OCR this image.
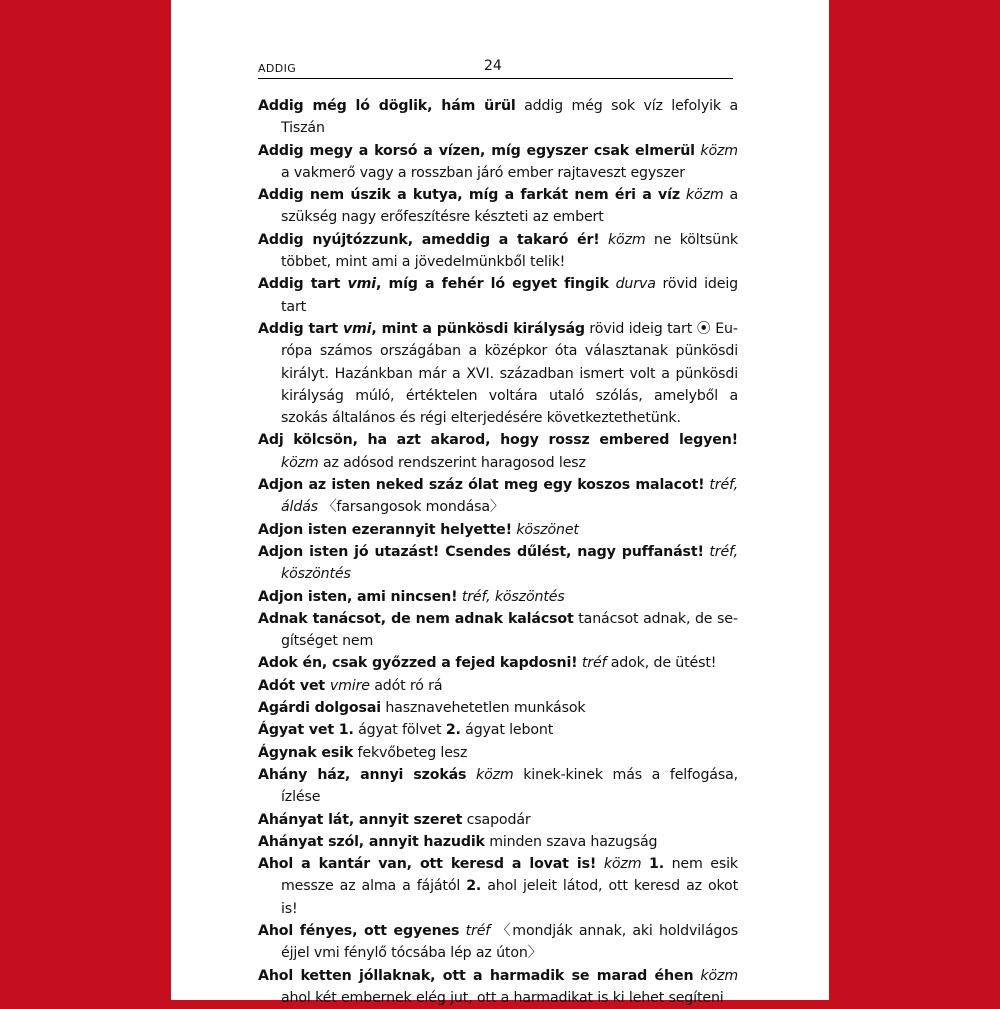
ADDIG	24
Addig még ló döglik, hám ürül addig még sok víz lefolyik a Tiszán
Addig megy a korsó a vízen, míg egyszer csak elmerül közm a vakmerő vagy a rosszban járó ember rajtaveszt egyszer
Addig nem úszik a kutya, míg a farkát nem éri a víz közm a szükség nagy erőfeszítésre készteti az embert
Addig nyújtózzunk, ameddig a takaró ér! közm ne költsünk többet, mint ami a jövedelmünkből telik!
Addig tart vmi, míg a fehér ló egyet fingik durva rövid ideig tart
Addig tart vmi, mint a pünkösdi királyság rövid ideig tart ⦿ Európa számos országában a középkor óta választanak pünkösdi királyt. Hazánkban már a XVI. században ismert volt a pünkösdi királyság múló, értéktelen voltára utaló szólás, amelyből a szokás általános és régi elterjedésére következtethetünk.
Adj kölcsön, ha azt akarod, hogy rossz embered legyen! közm az adósod rendszerint haragosod lesz
Adjon az isten neked száz ólat meg egy koszos malacot! tréf, áldás 〈farsangosok mondása〉
Adjon isten ezerannyit helyette! köszönet
Adjon isten jó utazást! Csendes dűlést, nagy puffanást! tréf, köszöntés
Adjon isten, ami nincsen! tréf, köszöntés
Adnak tanácsot, de nem adnak kalácsot tanácsot adnak, de segítséget nem
Adok én, csak győzzed a fejed kapdosni! tréf adok, de ütést!
Adót vet vmire adót ró rá
Agárdi dolgosai hasznavehetetlen munkások
Ágyat vet 1. ágyat fölvet 2. ágyat lebont
Ágynak esik fekvőbeteg lesz
Ahány ház, annyi szokás közm kinek-kinek más a felfogása, ízlése
Ahányat lát, annyit szeret csapodár
Ahányat szól, annyit hazudik minden szava hazugság
Ahol a kantár van, ott keresd a lovat is! közm 1. nem esik messze az alma a fájától 2. ahol jeleit látod, ott keresd az okot is!
Ahol fényes, ott egyenes tréf 〈mondják annak, aki holdvilágos éjjel vmi fénylő tócsába lép az úton〉
Ahol ketten jóllaknak, ott a harmadik se marad éhen közm ahol két embernek elég jut, ott a harmadikat is ki lehet segíteni
